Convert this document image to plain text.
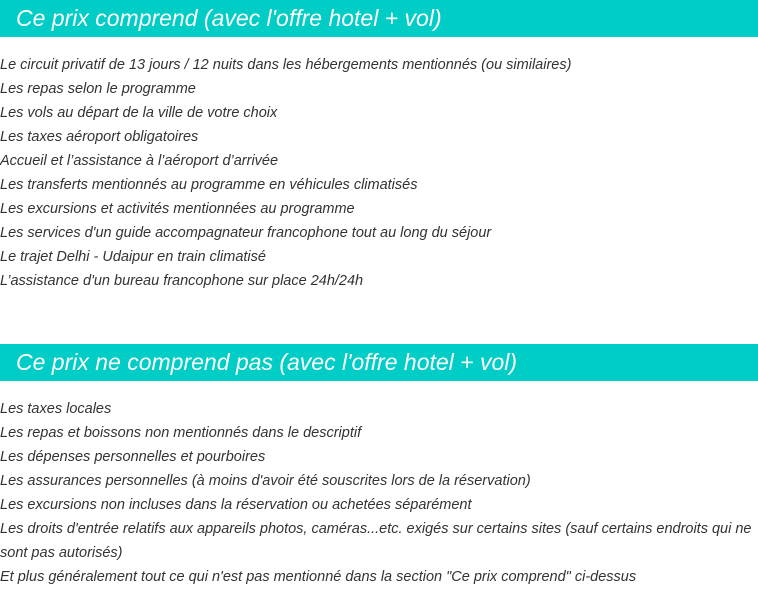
Ce prix comprend (avec l'offre hotel + vol)
Le circuit privatif de 13 jours / 12 nuits dans les hébergements mentionnés (ou similaires)
Les repas selon le programme
Les vols au départ de la ville de votre choix
Les taxes aéroport obligatoires
Accueil et l’assistance à l’aéroport d’arrivée
Les transferts mentionnés au programme en véhicules climatisés
Les excursions et activités mentionnées au programme
Les services d'un guide accompagnateur francophone tout au long du séjour
Le trajet Delhi - Udaipur en train climatisé
L’assistance d'un bureau francophone sur place 24h/24h
Ce prix ne comprend pas (avec l'offre hotel + vol)
Les taxes locales
Les repas et boissons non mentionnés dans le descriptif
Les dépenses personnelles et pourboires
Les assurances personnelles (à moins d'avoir été souscrites lors de la réservation)
Les excursions non incluses dans la réservation ou achetées séparément
Les droits d'entrée relatifs aux appareils photos, caméras...etc. exigés sur certains sites (sauf certains endroits qui ne sont pas autorisés)
Et plus généralement tout ce qui n'est pas mentionné dans la section "Ce prix comprend" ci-dessus
